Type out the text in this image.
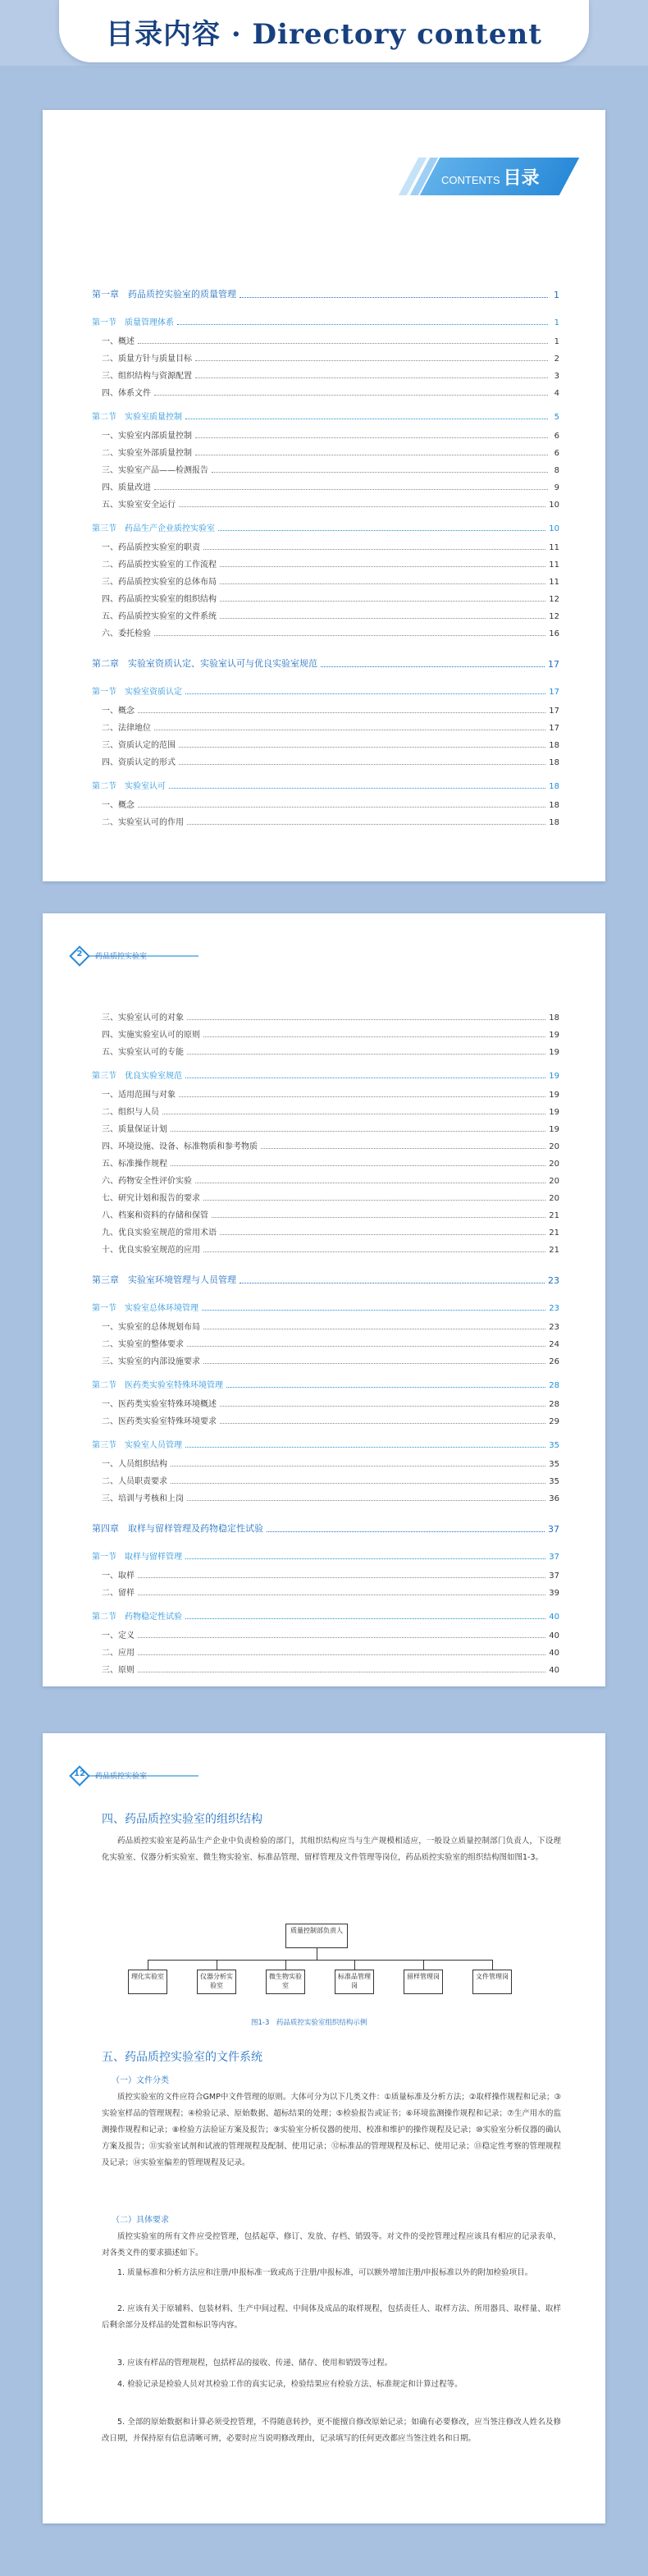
目录内容 · Directory content
CONTENTS 目录
第一章　药品质控实验室的质量管理	1
第一节　质量管理体系	1
一、概述	1
二、质量方针与质量目标	2
三、组织结构与资源配置	3
四、体系文件	4
第二节　实验室质量控制	5
一、实验室内部质量控制	6
二、实验室外部质量控制	6
三、实验室产品——检测报告	8
四、质量改进	9
五、实验室安全运行	10
第三节　药品生产企业质控实验室	10
一、药品质控实验室的职责	11
二、药品质控实验室的工作流程	11
三、药品质控实验室的总体布局	11
四、药品质控实验室的组织结构	12
五、药品质控实验室的文件系统	12
六、委托检验	16
第二章　实验室资质认定、实验室认可与优良实验室规范	17
第一节　实验室资质认定	17
一、概念	17
二、法律地位	17
三、资质认定的范围	18
四、资质认定的形式	18
第二节　实验室认可	18
一、概念	18
二、实验室认可的作用	18
2	药品质控实验室
三、实验室认可的对象	18
四、实施实验室认可的原则	19
五、实验室认可的专能	19
第三节　优良实验室规范	19
一、适用范围与对象	19
二、组织与人员	19
三、质量保证计划	19
四、环境设施、设备、标准物质和参考物质	20
五、标准操作规程	20
六、药物安全性评价实验	20
七、研究计划和报告的要求	20
八、档案和资料的存储和保管	21
九、优良实验室规范的常用术语	21
十、优良实验室规范的应用	21
第三章　实验室环境管理与人员管理	23
第一节　实验室总体环境管理	23
一、实验室的总体规划布局	23
二、实验室的整体要求	24
三、实验室的内部设施要求	26
第二节　医药类实验室特殊环境管理	28
一、医药类实验室特殊环境概述	28
二、医药类实验室特殊环境要求	29
第三节　实验室人员管理	35
一、人员组织结构	35
二、人员职责要求	35
三、培训与考核和上岗	36
第四章　取样与留样管理及药物稳定性试验	37
第一节　取样与留样管理	37
一、取样	37
二、留样	39
第二节　药物稳定性试验	40
一、定义	40
二、应用	40
三、原则	40
12 药品质控实验室
四、药品质控实验室的组织结构
药品质控实验室是药品生产企业中负责检验的部门，其组织结构应当与生产规模相适应，一般设立质量控制部门负责人，下设理化实验室、仪器分析实验室、微生物实验室、标准品管理、留样管理及文件管理等岗位，药品质控实验室的组织结构图如图1-3。
质量控制部负责人
理化实验室	仪器分析实验室
微生物实验室
标准品管理岗
留样管理岗	文件管理岗
图1-3　药品质控实验室组织结构示例
五、药品质控实验室的文件系统
（一）文件分类
质控实验室的文件应符合GMP中文件管理的原则。大体可分为以下几类文件：①质量标准及分析方法；②取样操作规程和记录；③实验室样品的管理规程；④检验记录、原始数据、超标结果的处理；⑤检验报告或证书；⑥环境监测操作规程和记录；⑦生产用水的监测操作规程和记录；⑧检验方法验证方案及报告；⑨实验室分析仪器的使用、校准和维护的操作规程及记录；⑩实验室分析仪器的确认方案及报告；⑪实验室试剂和试液的管理规程及配制、使用记录；⑫标准品的管理规程及标记、使用记录；⑬稳定性考察的管理规程及记录；⑭实验室偏差的管理规程及记录。
（二）具体要求
质控实验室的所有文件应受控管理，包括起草、修订、发放、存档、销毁等。对文件的受控管理过程应该具有相应的记录表单，对各类文件的要求描述如下。
1. 质量标准和分析方法应和注册/申报标准一致或高于注册/申报标准，可以额外增加注册/申报标准以外的附加检验项目。
2. 应该有关于原辅料、包装材料、生产中间过程、中间体及成品的取样规程，包括责任人、取样方法、所用器具、取样量、取样后剩余部分及样品的处置和标识等内容。
3. 应该有样品的管理规程，包括样品的接收、传递、储存、使用和销毁等过程。
4. 检验记录是检验人员对其检验工作的真实记录，检验结果应有检验方法、标准规定和计算过程等。
5. 全部的原始数据和计算必须受控管理，不得随意转抄，更不能擅自修改原始记录；如确有必要修改，应当签注修改人姓名及修改日期，并保持原有信息清晰可辨，必要时应当说明修改理由，记录填写的任何更改都应当签注姓名和日期。
